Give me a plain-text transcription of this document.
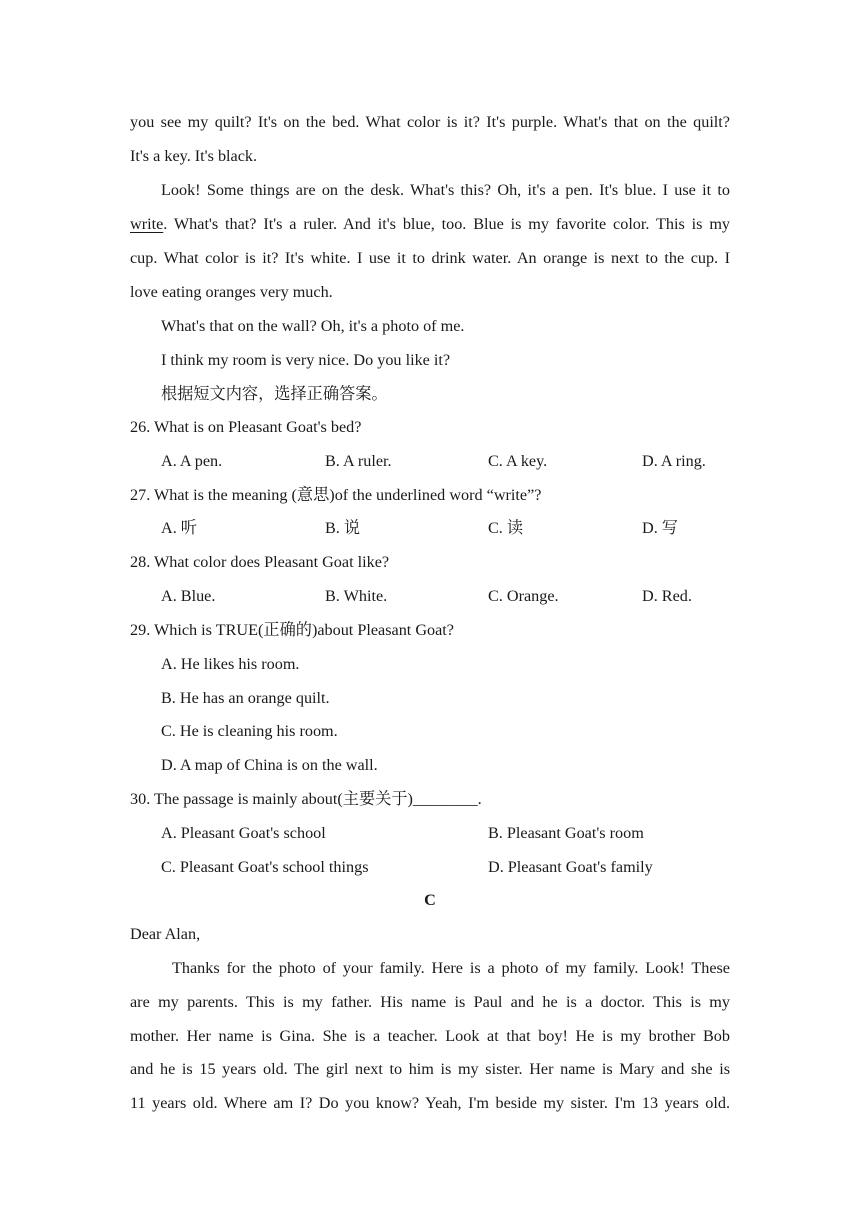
you see my quilt? It's on the bed. What color is it? It's purple. What's that on the quilt?
It's a key. It's black.
Look! Some things are on the desk. What's this? Oh, it's a pen. It's blue. I use it to
write. What's that? It's a ruler. And it's blue, too. Blue is my favorite color. This is my
cup. What color is it? It's white. I use it to drink water. An orange is next to the cup. I
love eating oranges very much.
What's that on the wall? Oh, it's a photo of me.
I think my room is very nice. Do you like it?
根据短文内容，选择正确答案。
26. What is on Pleasant Goat's bed?
A. A pen.	B. A ruler.	C. A key.	D. A ring.
27. What is the meaning (意思)of the underlined word “write”?
A. 听	B. 说	C. 读	D. 写
28. What color does Pleasant Goat like?
A. Blue.	B. White.	C. Orange.	D. Red.
29. Which is TRUE(正确的)about Pleasant Goat?
A. He likes his room.
B. He has an orange quilt.
C. He is cleaning his room.
D. A map of China is on the wall.
30. The passage is mainly about(主要关于)________.
A. Pleasant Goat's school	B. Pleasant Goat's room
C. Pleasant Goat's school things	D. Pleasant Goat's family
C
Dear Alan,
Thanks for the photo of your family. Here is a photo of my family. Look! These
are my parents. This is my father. His name is Paul and he is a doctor. This is my
mother. Her name is Gina. She is a teacher. Look at that boy! He is my brother Bob
and he is 15 years old. The girl next to him is my sister. Her name is Mary and she is
11 years old. Where am I? Do you know? Yeah, I'm beside my sister. I'm 13 years old.
